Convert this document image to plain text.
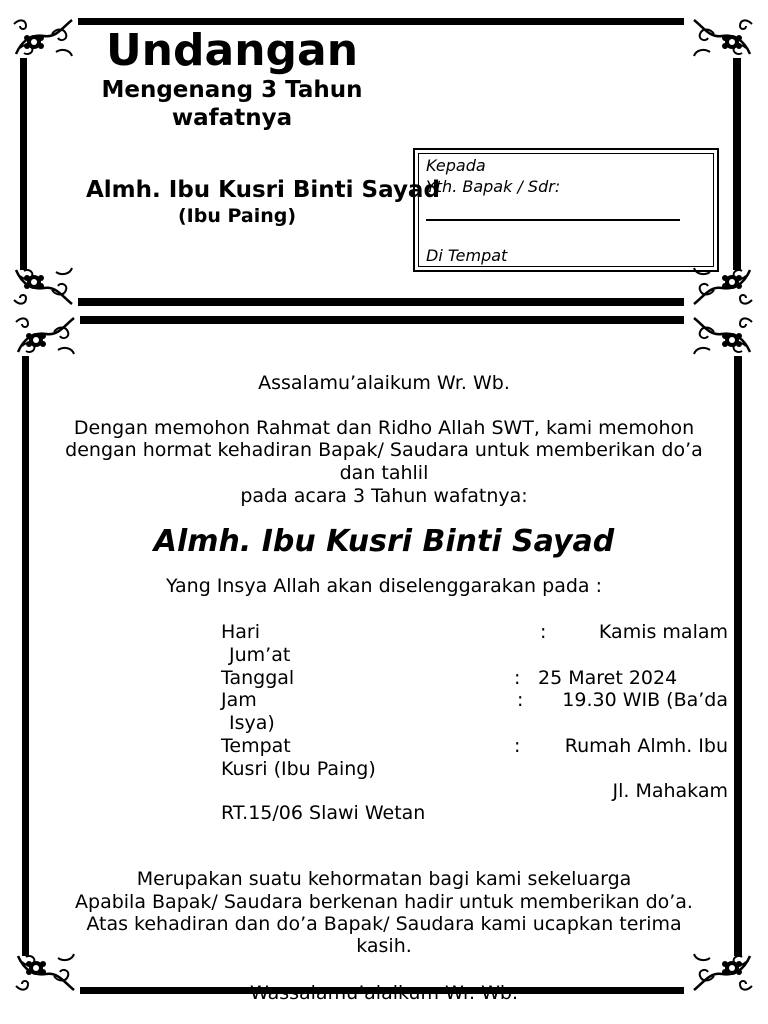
Undangan
Mengenang 3 Tahun wafatnya
Kepada
Yth. Bapak / Sdr:
Di Tempat
Almh. Ibu Kusri Binti Sayad
(Ibu Paing)
Assalamu’alaikum Wr. Wb.
Dengan memohon Rahmat dan Ridho Allah SWT, kami memohon
dengan hormat kehadiran Bapak/ Saudara untuk memberikan do’a
dan tahlil
pada acara 3 Tahun wafatnya:
Almh. Ibu Kusri Binti Sayad
Yang Insya Allah akan diselenggarakan pada :
Hari	:	Kamis malam
Jum’at
Tanggal	: 25 Maret 2024
Jam	:	19.30 WIB (Ba’da
Isya)
Tempat	:	Rumah Almh. Ibu
Kusri (Ibu Paing)
Jl. Mahakam
RT.15/06 Slawi Wetan
Merupakan suatu kehormatan bagi kami sekeluarga
Apabila Bapak/ Saudara berkenan hadir untuk memberikan do’a.
Atas kehadiran dan do’a Bapak/ Saudara kami ucapkan terima
kasih.
Wassalamu’alaikum Wr. Wb.
